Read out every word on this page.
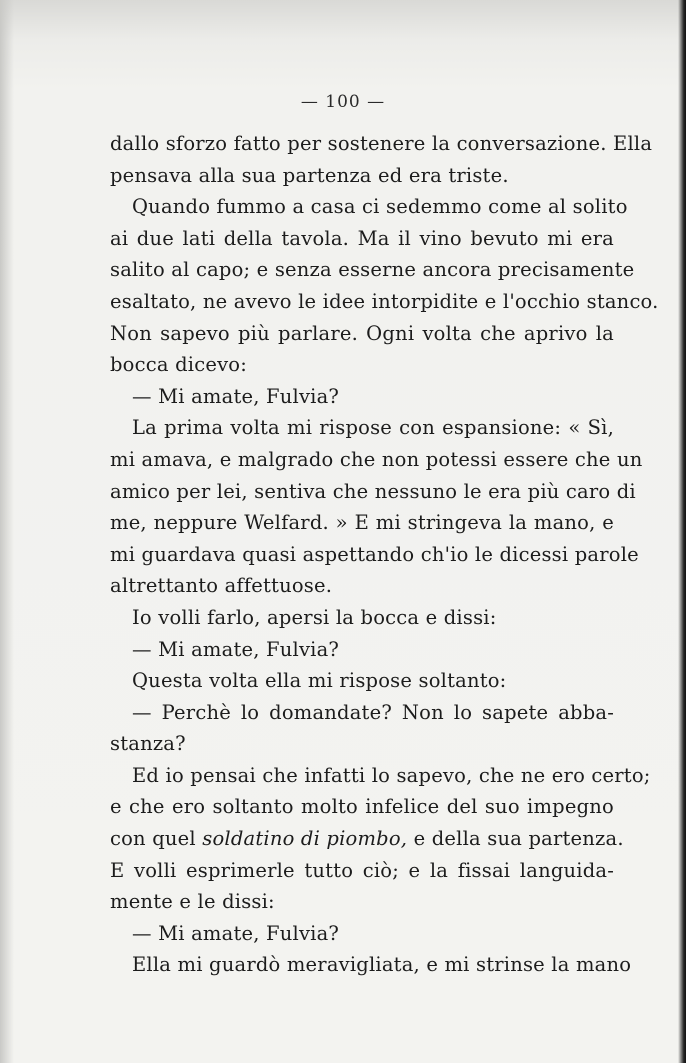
— 100 —
dallo sforzo fatto per sostenere la conversazione. Ella
pensava alla sua partenza ed era triste.
Quando fummo a casa ci sedemmo come al solito
ai due lati della tavola. Ma il vino bevuto mi era
salito al capo; e senza esserne ancora precisamente
esaltato, ne avevo le idee intorpidite e l'occhio stanco.
Non sapevo più parlare. Ogni volta che aprivo la
bocca dicevo:
— Mi amate, Fulvia?
La prima volta mi rispose con espansione: « Sì,
mi amava, e malgrado che non potessi essere che un
amico per lei, sentiva che nessuno le era più caro di
me, neppure Welfard. » E mi stringeva la mano, e
mi guardava quasi aspettando ch'io le dicessi parole
altrettanto affettuose.
Io volli farlo, apersi la bocca e dissi:
— Mi amate, Fulvia?
Questa volta ella mi rispose soltanto:
— Perchè lo domandate? Non lo sapete abba-
stanza?
Ed io pensai che infatti lo sapevo, che ne ero certo;
e che ero soltanto molto infelice del suo impegno
con quel soldatino di piombo, e della sua partenza.
E volli esprimerle tutto ciò; e la fissai languida-
mente e le dissi:
— Mi amate, Fulvia?
Ella mi guardò meravigliata, e mi strinse la mano
